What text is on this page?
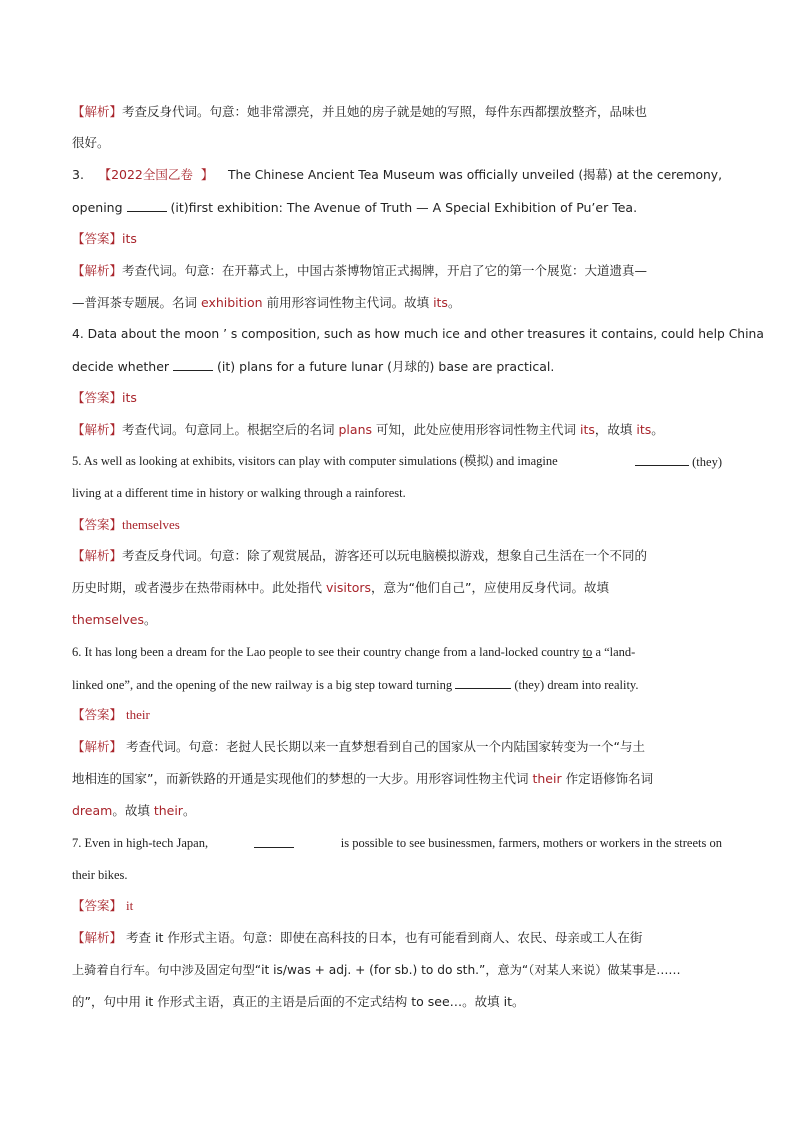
【解析】考查反身代词。句意：她非常漂亮，并且她的房子就是她的写照，每件东西都摆放整齐，品味也
很好。
3. 【2022全国乙卷 】 The Chinese Ancient Tea Museum was officially unveiled (揭幕) at the ceremony,
opening	(it)first exhibition: The Avenue of Truth — A Special Exhibition of Pu’er Tea.
【答案】its
【解析】考查代词。句意：在开幕式上，中国古茶博物馆正式揭牌，开启了它的第一个展览：大道遗真—
—普洱茶专题展。名词 exhibition 前用形容词性物主代词。故填 its。
4. Data about the moon ’ s composition, such as how much ice and other treasures it contains, could help China
decide whether	(it) plans for a future lunar (月球的) base are practical.
【答案】its
【解析】考查代词。句意同上。根据空后的名词 plans 可知，此处应使用形容词性物主代词 its，故填 its。
5. As well as looking at exhibits, visitors can play with computer simulations (模拟) and imagine	(they)
living at a different time in history or walking through a rainforest.
【答案】themselves
【解析】考查反身代词。句意：除了观赏展品，游客还可以玩电脑模拟游戏，想象自己生活在一个不同的
历史时期，或者漫步在热带雨林中。此处指代 visitors，意为“他们自己”，应使用反身代词。故填
themselves。
6. It has long been a dream for the Lao people to see their country change from a land-locked country to a “land-
linked one”, and the opening of the new railway is a big step toward turning	(they) dream into reality.
【答案】 their
【解析】 考查代词。句意：老挝人民长期以来一直梦想看到自己的国家从一个内陆国家转变为一个“与土
地相连的国家”，而新铁路的开通是实现他们的梦想的一大步。用形容词性物主代词 their 作定语修饰名词
dream。故填 their。
7. Even in high-tech Japan,	is possible to see businessmen, farmers, mothers or workers in the streets on
their bikes.
【答案】 it
【解析】 考查 it 作形式主语。句意：即使在高科技的日本，也有可能看到商人、农民、母亲或工人在街
上骑着自行车。句中涉及固定句型“it is/was + adj. + (for sb.) to do sth.”，意为“（对某人来说）做某事是……
的”，句中用 it 作形式主语，真正的主语是后面的不定式结构 to see…。故填 it。
